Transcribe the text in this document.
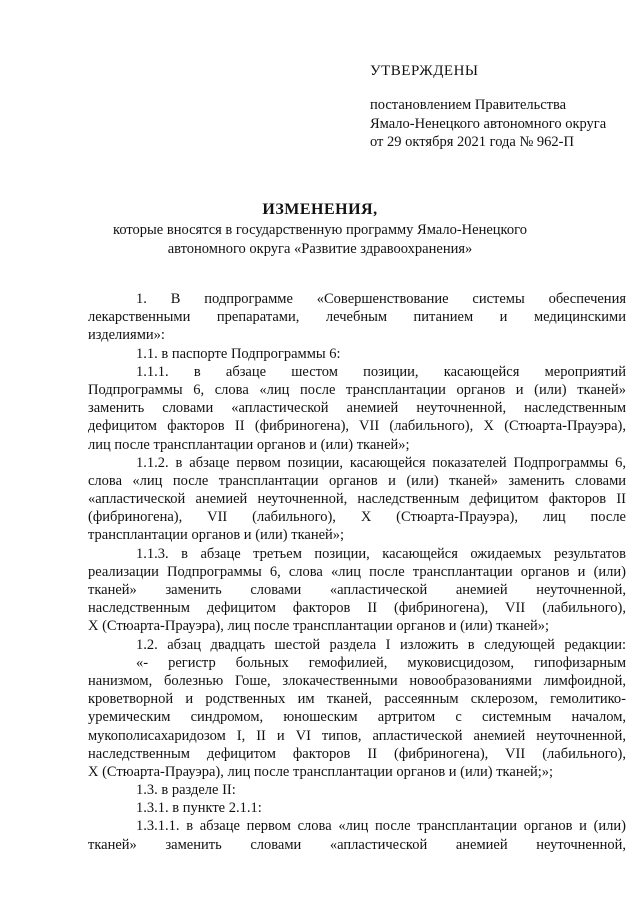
УТВЕРЖДЕНЫ
постановлением Правительства
Ямало-Ненецкого автономного округа
от 29 октября 2021 года № 962-П
ИЗМЕНЕНИЯ,
которые вносятся в государственную программу Ямало-Ненецкого
автономного округа «Развитие здравоохранения»
1. В подпрограмме «Совершенствование системы обеспечения
лекарственными препаратами, лечебным питанием и медицинскими
изделиями»:
1.1. в паспорте Подпрограммы 6:
1.1.1. в абзаце шестом позиции, касающейся мероприятий
Подпрограммы 6, слова «лиц после трансплантации органов и (или) тканей»
заменить словами «апластической анемией неуточненной, наследственным
дефицитом факторов II (фибриногена), VII (лабильного), X (Стюарта-Прауэра),
лиц после трансплантации органов и (или) тканей»;
1.1.2. в абзаце первом позиции, касающейся показателей Подпрограммы 6,
слова «лиц после трансплантации органов и (или) тканей» заменить словами
«апластической анемией неуточненной, наследственным дефицитом факторов II
(фибриногена), VII (лабильного), X (Стюарта-Прауэра), лиц после
трансплантации органов и (или) тканей»;
1.1.3. в абзаце третьем позиции, касающейся ожидаемых результатов
реализации Подпрограммы 6, слова «лиц после трансплантации органов и (или)
тканей» заменить словами «апластической анемией неуточненной,
наследственным дефицитом факторов II (фибриногена), VII (лабильного),
X (Стюарта-Прауэра), лиц после трансплантации органов и (или) тканей»;
1.2. абзац двадцать шестой раздела I изложить в следующей редакции:
«- регистр больных гемофилией, муковисцидозом, гипофизарным
нанизмом, болезнью Гоше, злокачественными новообразованиями лимфоидной,
кроветворной и родственных им тканей, рассеянным склерозом, гемолитико-
уремическим синдромом, юношеским артритом с системным началом,
мукополисахаридозом I, II и VI типов, апластической анемией неуточненной,
наследственным дефицитом факторов II (фибриногена), VII (лабильного),
X (Стюарта-Прауэра), лиц после трансплантации органов и (или) тканей;»;
1.3. в разделе II:
1.3.1. в пункте 2.1.1:
1.3.1.1. в абзаце первом слова «лиц после трансплантации органов и (или)
тканей» заменить словами «апластической анемией неуточненной,
